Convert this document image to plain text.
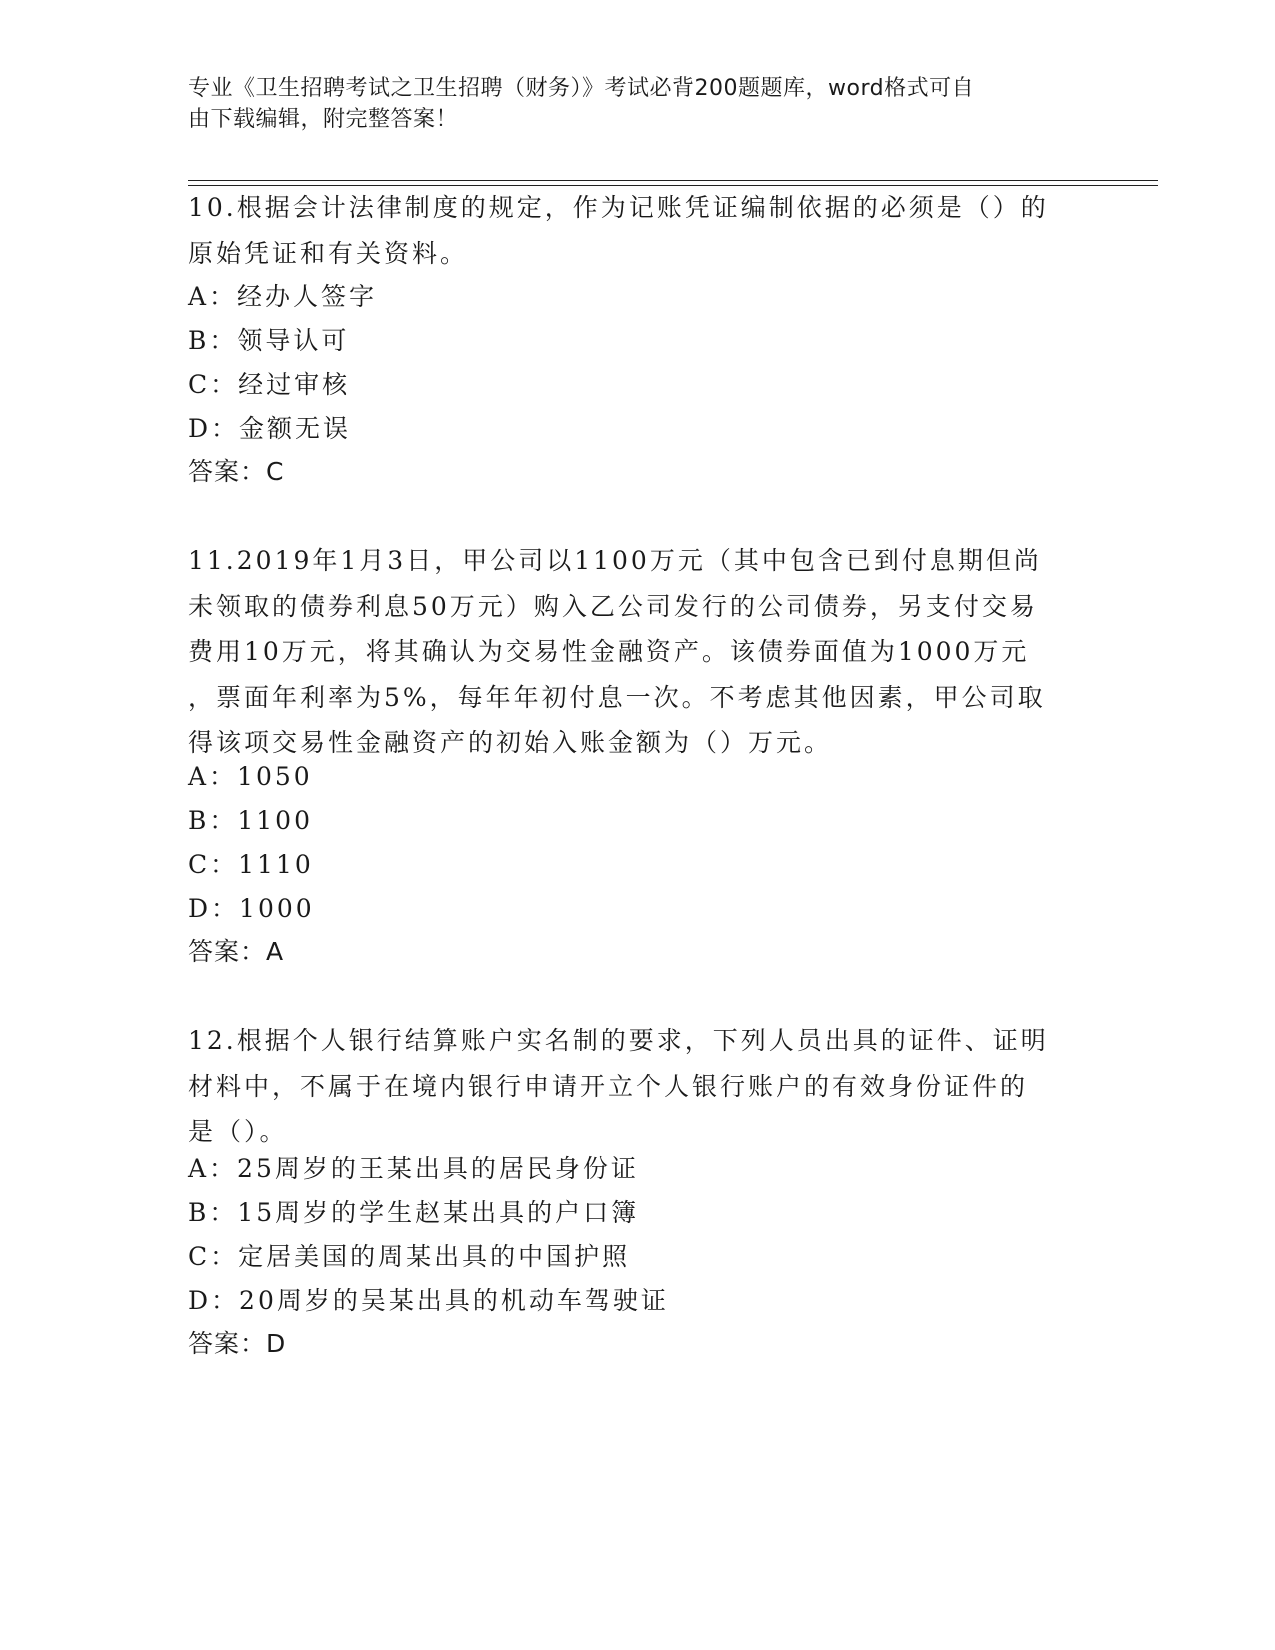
专业《卫生招聘考试之卫生招聘（财务）》考试必背200题题库，word格式可自
由下载编辑，附完整答案！
10.根据会计法律制度的规定，作为记账凭证编制依据的必须是（）的
原始凭证和有关资料。
A：经办人签字
B：领导认可
C：经过审核
D：金额无误
答案：C
11.2019年1月3日，甲公司以1100万元（其中包含已到付息期但尚
未领取的债券利息50万元）购入乙公司发行的公司债券，另支付交易
费用10万元，将其确认为交易性金融资产。该债券面值为1000万元
，票面年利率为5%，每年年初付息一次。不考虑其他因素，甲公司取
得该项交易性金融资产的初始入账金额为（）万元。
A：1050
B：1100
C：1110
D：1000
答案：A
12.根据个人银行结算账户实名制的要求，下列人员出具的证件、证明
材料中，不属于在境内银行申请开立个人银行账户的有效身份证件的
是（）。
A：25周岁的王某出具的居民身份证
B：15周岁的学生赵某出具的户口簿
C：定居美国的周某出具的中国护照
D：20周岁的吴某出具的机动车驾驶证
答案：D
